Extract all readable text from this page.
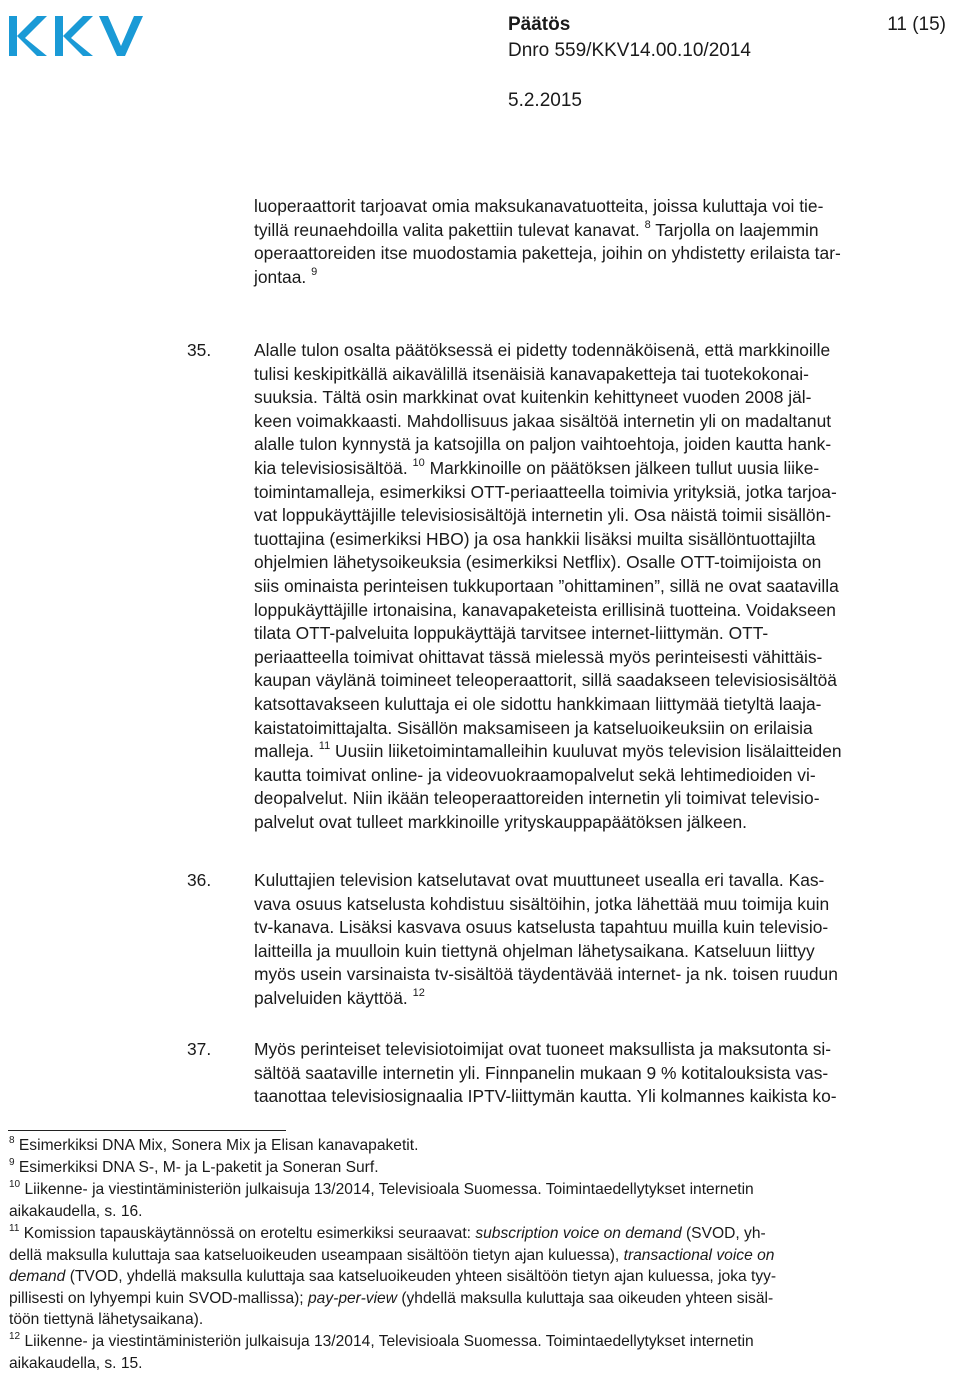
Päätös	11 (15)
Dnro 559/KKV14.00.10/2014
5.2.2015
luoperaattorit tarjoavat omia maksukanavatuotteita, joissa kuluttaja voi tie-
tyillä reunaehdoilla valita pakettiin tulevat kanavat. $^8$ Tarjolla on laajemmin
operaattoreiden itse muodostamia paketteja, joihin on yhdistetty erilaista tar-
jontaa. $^9$
35. Alalle tulon osalta päätöksessä ei pidetty todennäköisenä, että markkinoille
tulisi keskipitkällä aikavälillä itsenäisiä kanavapaketteja tai tuotekokonai-
suuksia. Tältä osin markkinat ovat kuitenkin kehittyneet vuoden 2008 jäl-
keen voimakkaasti. Mahdollisuus jakaa sisältöä internetin yli on madaltanut
alalle tulon kynnystä ja katsojilla on paljon vaihtoehtoja, joiden kautta hank-
kia televisiosisältöä. $^{10}$ Markkinoille on päätöksen jälkeen tullut uusia liike-
toimintamalleja, esimerkiksi OTT-periaatteella toimivia yrityksiä, jotka tarjoa-
vat loppukäyttäjille televisiosisältöjä internetin yli. Osa näistä toimii sisällön-
tuottajina (esimerkiksi HBO) ja osa hankkii lisäksi muilta sisällöntuottajilta
ohjelmien lähetysoikeuksia (esimerkiksi Netflix). Osalle OTT-toimijoista on
siis ominaista perinteisen tukkuportaan ”ohittaminen”, sillä ne ovat saatavilla
loppukäyttäjille irtonaisina, kanavapaketeista erillisinä tuotteina. Voidakseen
tilata OTT-palveluita loppukäyttäjä tarvitsee internet-liittymän. OTT-
periaatteella toimivat ohittavat tässä mielessä myös perinteisesti vähittäis-
kaupan väylänä toimineet teleoperaattorit, sillä saadakseen televisiosisältöä
katsottavakseen kuluttaja ei ole sidottu hankkimaan liittymää tietyltä laaja-
kaistatoimittajalta. Sisällön maksamiseen ja katseluoikeuksiin on erilaisia
malleja. $^{11}$ Uusiin liiketoimintamalleihin kuuluvat myös television lisälaitteiden
kautta toimivat online- ja videovuokraamopalvelut sekä lehtimedioiden vi-
deopalvelut. Niin ikään teleoperaattoreiden internetin yli toimivat televisio-
palvelut ovat tulleet markkinoille yrityskauppapäätöksen jälkeen.
36. Kuluttajien television katselutavat ovat muuttuneet usealla eri tavalla. Kas-
vava osuus katselusta kohdistuu sisältöihin, jotka lähettää muu toimija kuin
tv-kanava. Lisäksi kasvava osuus katselusta tapahtuu muilla kuin televisio-
laitteilla ja muulloin kuin tiettynä ohjelman lähetysaikana. Katseluun liittyy
myös usein varsinaista tv-sisältöä täydentävää internet- ja nk. toisen ruudun
palveluiden käyttöä. $^{12}$
37. Myös perinteiset televisiotoimijat ovat tuoneet maksullista ja maksutonta si-
sältöä saataville internetin yli. Finnpanelin mukaan 9 % kotitalouksista vas-
taanottaa televisiosignaalia IPTV-liittymän kautta. Yli kolmannes kaikista ko-
$^8$ Esimerkiksi DNA Mix, Sonera Mix ja Elisan kanavapaketit.
$^9$ Esimerkiksi DNA S-, M- ja L-paketit ja Soneran Surf.
$^{10}$ Liikenne- ja viestintäministeriön julkaisuja 13/2014, Televisioala Suomessa. Toimintaedellytykset internetin
aikakaudella, s. 16.
$^{11}$ Komission tapauskäytännössä on eroteltu esimerkiksi seuraavat: subscription voice on demand (SVOD, yh-
dellä maksulla kuluttaja saa katseluoikeuden useampaan sisältöön tietyn ajan kuluessa), transactional voice on
demand (TVOD, yhdellä maksulla kuluttaja saa katseluoikeuden yhteen sisältöön tietyn ajan kuluessa, joka tyy-
pillisesti on lyhyempi kuin SVOD-mallissa); pay-per-view (yhdellä maksulla kuluttaja saa oikeuden yhteen sisäl-
töön tiettynä lähetysaikana).
$^{12}$ Liikenne- ja viestintäministeriön julkaisuja 13/2014, Televisioala Suomessa. Toimintaedellytykset internetin
aikakaudella, s. 15.
